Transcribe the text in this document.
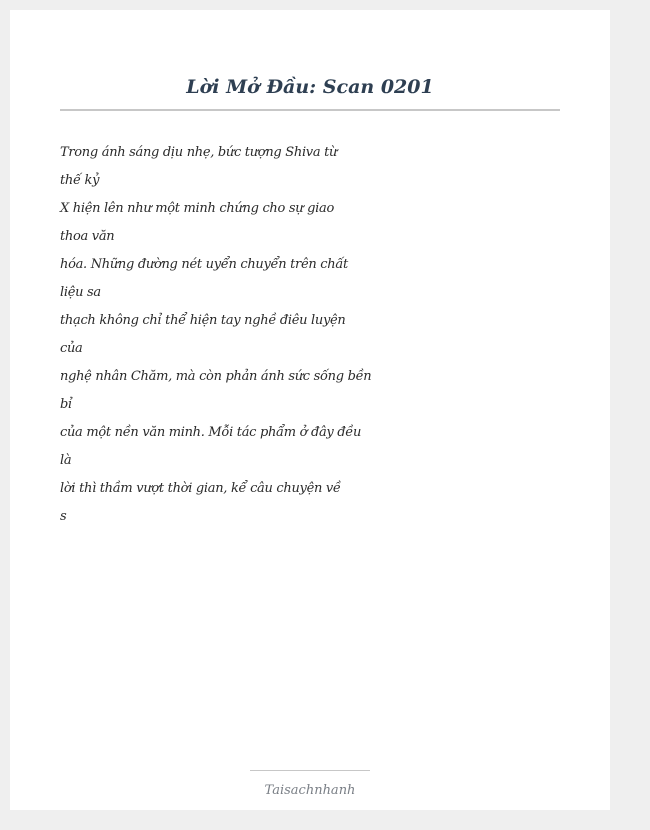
Lời Mở Đầu: Scan 0201
Trong ánh sáng dịu nhẹ, bức tượng Shiva từ
thế kỷ
X hiện lên như một minh chứng cho sự giao
thoa văn
hóa. Những đường nét uyển chuyển trên chất
liệu sa
thạch không chỉ thể hiện tay nghề điêu luyện
của
nghệ nhân Chăm, mà còn phản ánh sức sống bền
bỉ
của một nền văn minh. Mỗi tác phẩm ở đây đều
là
lời thì thầm vượt thời gian, kể câu chuyện về
s
Taisachnhanh
